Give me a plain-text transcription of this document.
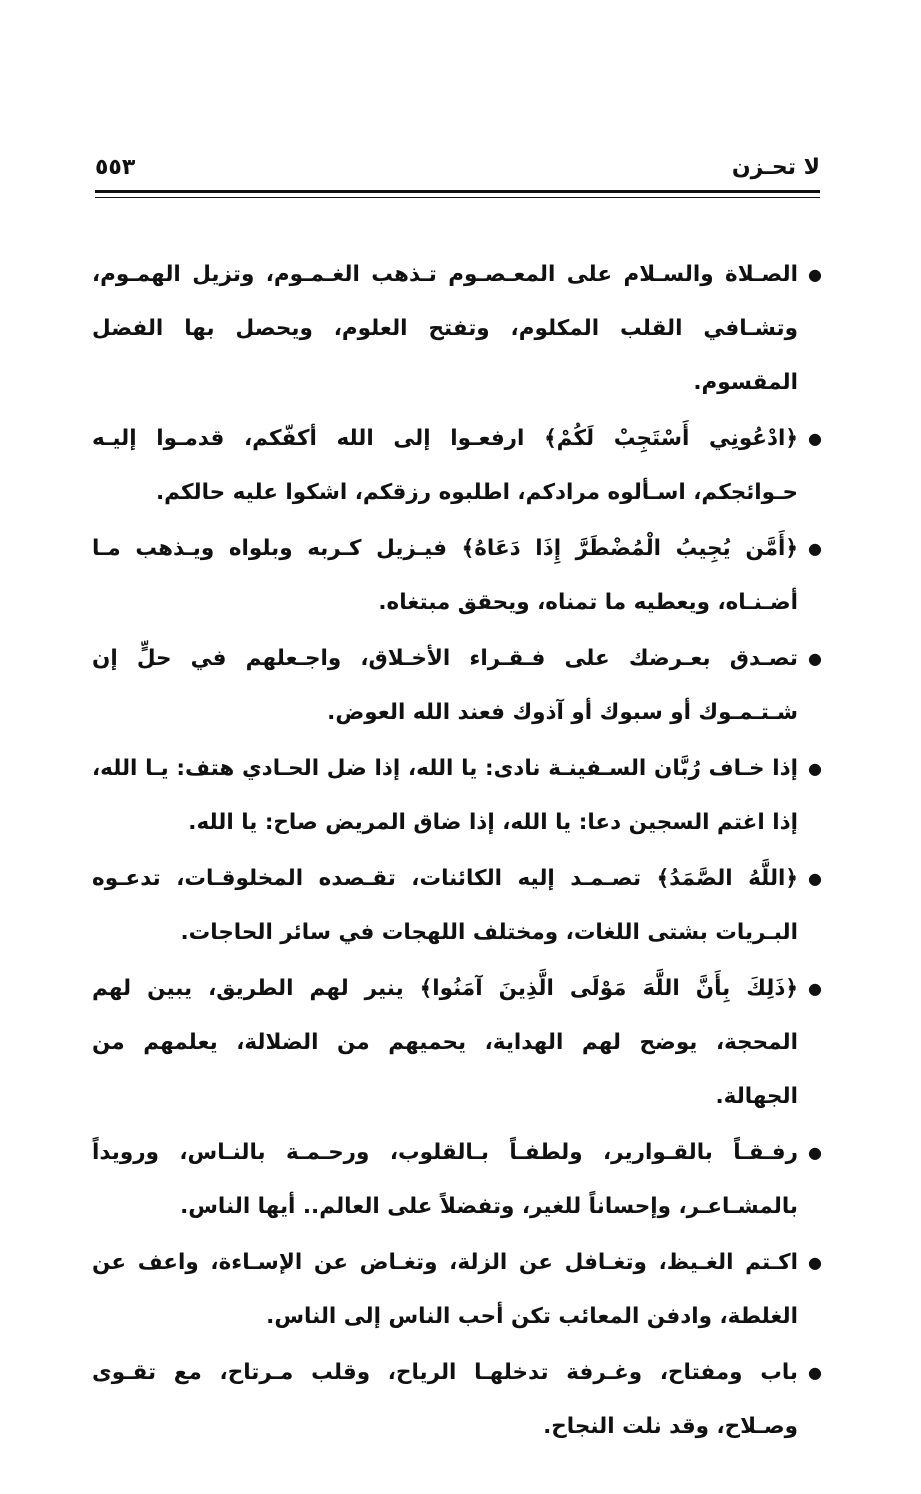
لا تحـزن
٥٥٣
●
الصـلاة والسـلام على المعـصـوم تـذهب الغـمـوم، وتزيل الهمـوم، وتشـافي القلب المكلوم، وتفتح العلوم، ويحصل بها الفضل المقسوم.
●
﴿ادْعُونِي أَسْتَجِبْ لَكُمْ﴾ ارفعـوا إلى الله أكفّكم، قدمـوا إليـه حـوائجكم، اسـألوه مرادكم، اطلبوه رزقكم، اشكوا عليه حالكم.
●
﴿أَمَّن يُجِيبُ الْمُضْطَرَّ إِذَا دَعَاهُ﴾ فيـزيل كـربه وبلواه ويـذهب مـا أضـنـاه، ويعطيه ما تمناه، ويحقق مبتغاه.
●
تصـدق بعـرضك على فـقـراء الأخـلاق، واجـعلهم في حلٍّ إن شـتـمـوك أو سبوك أو آذوك فعند الله العوض.
●
إذا خـاف رُبَّان السـفينـة نادى: يا الله، إذا ضل الحـادي هتف: يـا الله، إذا اغتم السجين دعا: يا الله، إذا ضاق المريض صاح: يا الله.
●
﴿اللَّهُ الصَّمَدُ﴾ تصـمـد إليه الكائنات، تقـصده المخلوقـات، تدعـوه البـريات بشتى اللغات، ومختلف اللهجات في سائر الحاجات.
●
﴿ذَلِكَ بِأَنَّ اللَّهَ مَوْلَى الَّذِينَ آمَنُوا﴾ ينير لهم الطريق، يبين لهم المحجة، يوضح لهم الهداية، يحميهم من الضلالة، يعلمهم من الجهالة.
●
رفـقـاً بالقـوارير، ولطفـاً بـالقلوب، ورحـمـة بالنـاس، ورويداً بالمشـاعـر، وإحساناً للغير، وتفضلاً على العالم.. أيها الناس.
●
اكـتم الغـيظ، وتغـافل عن الزلة، وتغـاض عن الإسـاءة، واعف عن الغلطة، وادفن المعائب تكن أحب الناس إلى الناس.
●
باب ومفتاح، وغـرفة تدخلهـا الرياح، وقلب مـرتاح، مع تقـوى وصـلاح، وقد نلت النجاح.
